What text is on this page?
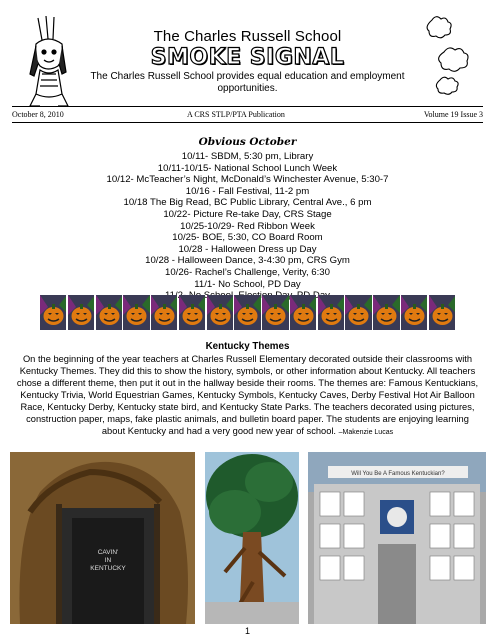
The Charles Russell School
SMOKE SIGNAL
The Charles Russell School provides equal education and employment opportunities.
October 8, 2010	A CRS STLP/PTA Publication	Volume 19 Issue 3
Obvious October
10/11- SBDM, 5:30 pm, Library
10/11-10/15- National School Lunch Week
10/12- McTeacher’s Night, McDonald’s Winchester Avenue, 5:30-7
10/16 - Fall Festival, 11-2 pm
10/18 The Big Read, BC Public Library, Central Ave., 6 pm
10/22- Picture Re-take Day, CRS Stage
10/25-10/29- Red Ribbon Week
10/25- BOE, 5:30, CO Board Room
10/28 - Halloween Dress up Day
10/28 - Halloween Dance, 3-4:30 pm, CRS Gym
10/26- Rachel’s Challenge, Verity, 6:30
11/1- No School, PD Day
Kentucky Themes

On the beginning of the year teachers at Charles Russell Elementary decorated outside their classrooms with Kentucky Themes. They did this to show the history, symbols, or other information about Kentucky. All teachers chose a different theme, then put it out in the hallway beside their rooms. The themes are: Famous Kentuckians, Kentucky Trivia, World Equestrian Games, Kentucky Symbols, Kentucky Caves, Derby Festival Hot Air Balloon Race, Kentucky Derby, Kentucky state bird, and Kentucky State Parks. The teachers decorated using pictures, construction paper, maps, fake plastic animals, and bulletin board paper. The students are enjoying learning about Kentucky and had a very good new year of school. –Makenzie Lucas

CAVIN' IN KENTUCKY
Will You Be A Famous Kentuckian?
1
